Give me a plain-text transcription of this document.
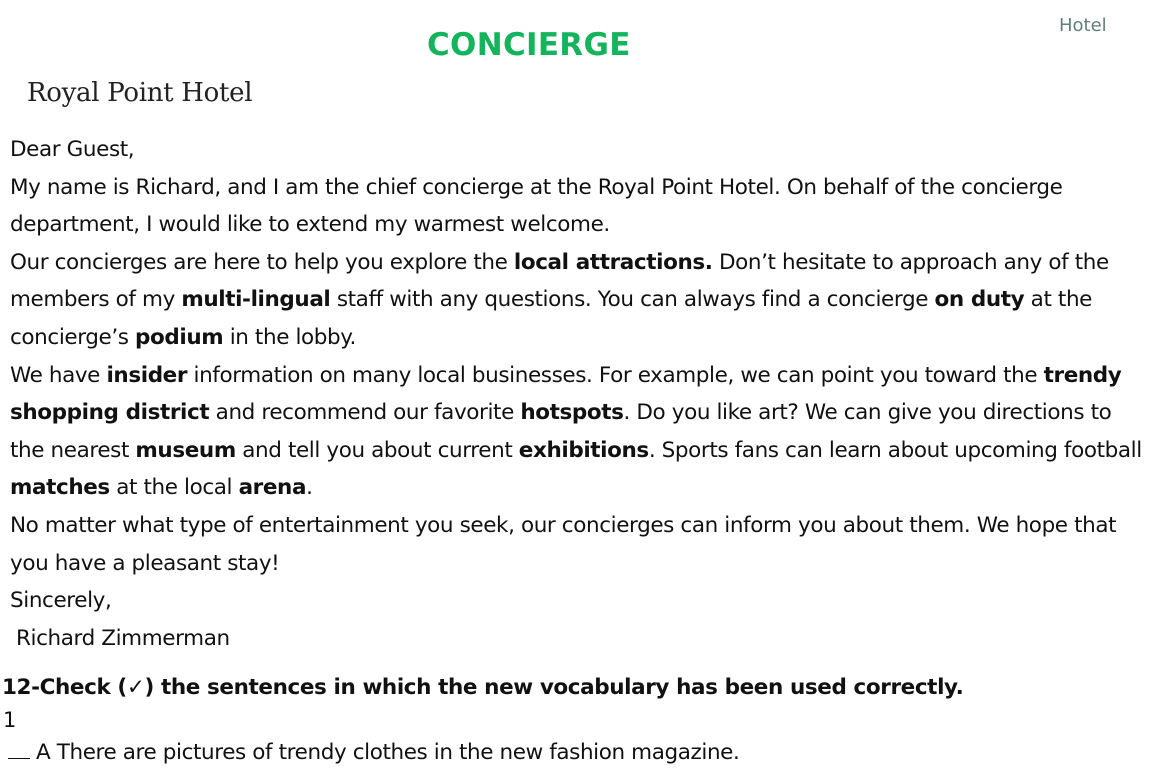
Hotel
CONCIERGE
Royal Point Hotel

Dear Guest,

My name is Richard, and I am the chief concierge at the Royal Point Hotel. On behalf of the concierge department, I would like to extend my warmest welcome.

Our concierges are here to help you explore the local attractions. Don’t hesitate to approach any of the members of my multi-lingual staff with any questions. You can always find a concierge on duty at the concierge’s podium in the lobby.

We have insider information on many local businesses. For example, we can point you toward the trendy shopping district and recommend our favorite hotspots. Do you like art? We can give you directions to the nearest museum and tell you about current exhibitions. Sports fans can learn about upcoming football matches at the local arena.

No matter what type of entertainment you seek, our concierges can inform you about them. We hope that you have a pleasant stay!

Sincerely,

Richard Zimmerman

12-Check (✓) the sentences in which the new vocabulary has been used correctly.
1
A There are pictures of trendy clothes in the new fashion magazine.
